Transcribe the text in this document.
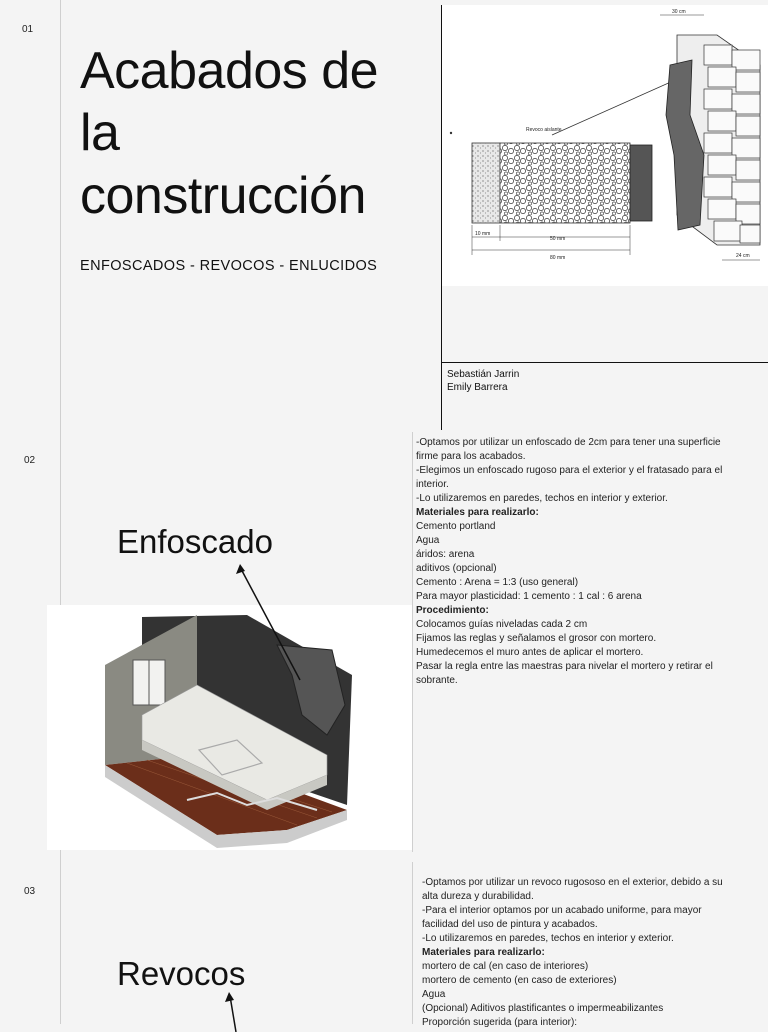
01
Acabados de
la
construcción
ENFOSCADOS - REVOCOS - ENLUCIDOS
Revoco aislante
10 mm
50 mm
80 mm
30 cm
24 cm
Sebastián Jarrin
Emily Barrera
02
Enfoscado

-Optamos por utilizar un enfoscado de 2cm para tener una superficie

firme para los acabados.

-Elegimos un enfoscado rugoso para el exterior y el fratasado para el

interior.

-Lo utilizaremos en paredes, techos en interior y exterior.

Materiales para realizarlo:

Cemento portland

Agua

áridos: arena

aditivos (opcional)

Cemento : Arena = 1:3 (uso general)

Para mayor plasticidad: 1 cemento : 1 cal : 6 arena

Procedimiento:

Colocamos guías niveladas cada 2 cm

Fijamos las reglas y señalamos el grosor con mortero.

Humedecemos el muro antes de aplicar el mortero.

Pasar la regla entre las maestras para nivelar el mortero y retirar el

sobrante.

03
Revocos

-Optamos por utilizar un revoco rugososo en el exterior, debido a su

alta dureza y durabilidad.

-Para el interior optamos por un acabado uniforme, para mayor

facilidad del uso de pintura y acabados.

-Lo utilizaremos en paredes, techos en interior y exterior.

Materiales para realizarlo:

mortero de cal (en caso de interiores)

mortero de cemento (en caso de exteriores)

Agua

(Opcional) Aditivos plastificantes o impermeabilizantes

Proporción sugerida (para interior):
